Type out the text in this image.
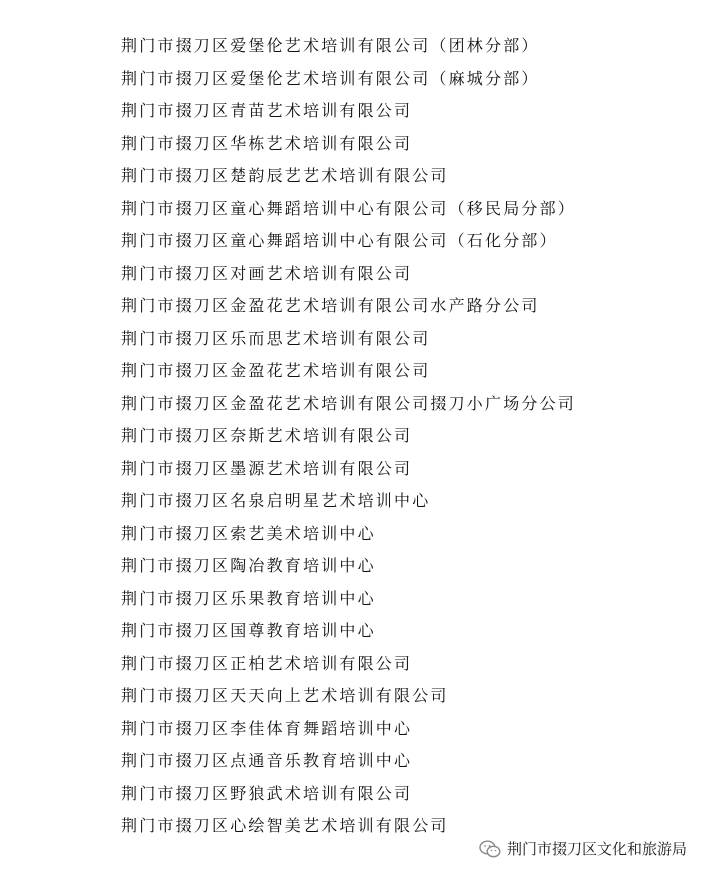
荆门市掇刀区爱堡伦艺术培训有限公司（团林分部）
荆门市掇刀区爱堡伦艺术培训有限公司（麻城分部）
荆门市掇刀区青苗艺术培训有限公司
荆门市掇刀区华栋艺术培训有限公司
荆门市掇刀区楚韵辰艺艺术培训有限公司
荆门市掇刀区童心舞蹈培训中心有限公司（移民局分部）
荆门市掇刀区童心舞蹈培训中心有限公司（石化分部）
荆门市掇刀区对画艺术培训有限公司
荆门市掇刀区金盈花艺术培训有限公司水产路分公司
荆门市掇刀区乐而思艺术培训有限公司
荆门市掇刀区金盈花艺术培训有限公司
荆门市掇刀区金盈花艺术培训有限公司掇刀小广场分公司
荆门市掇刀区奈斯艺术培训有限公司
荆门市掇刀区墨源艺术培训有限公司
荆门市掇刀区名泉启明星艺术培训中心
荆门市掇刀区索艺美术培训中心
荆门市掇刀区陶冶教育培训中心
荆门市掇刀区乐果教育培训中心
荆门市掇刀区国尊教育培训中心
荆门市掇刀区正柏艺术培训有限公司
荆门市掇刀区天天向上艺术培训有限公司
荆门市掇刀区李佳体育舞蹈培训中心
荆门市掇刀区点通音乐教育培训中心
荆门市掇刀区野狼武术培训有限公司
荆门市掇刀区心绘智美艺术培训有限公司
荆门市掇刀区文化和旅游局
